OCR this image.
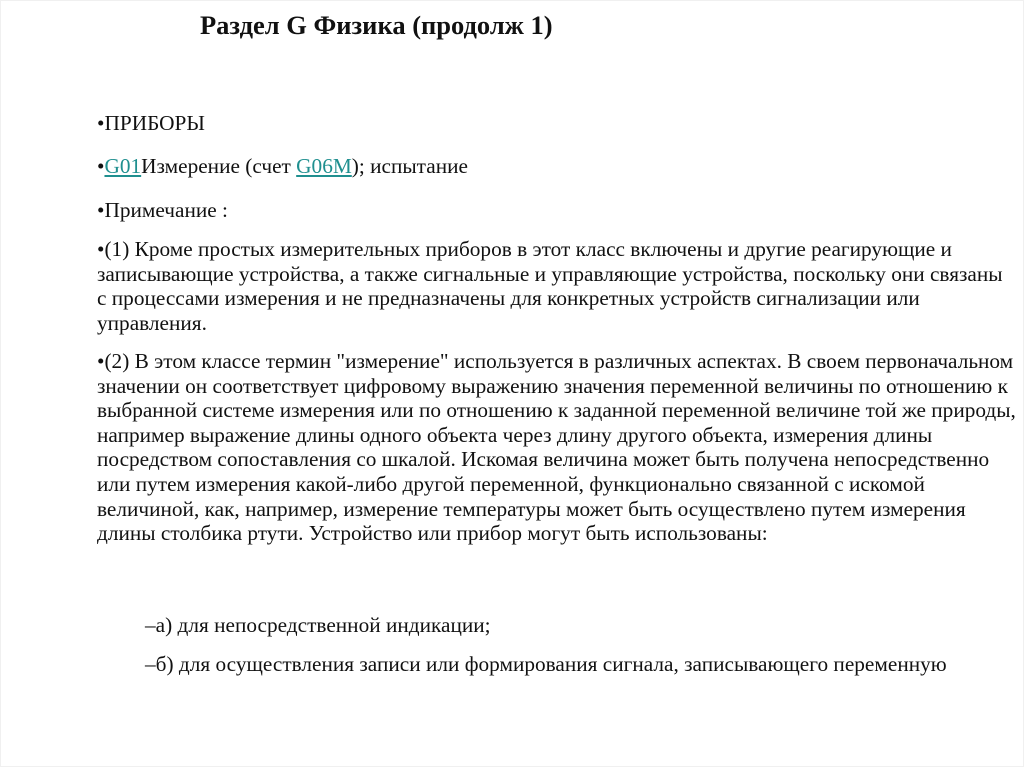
Раздел G Физика (продолж 1)

• ПРИБОРЫ

• G01Измерение (счет G06M); испытание

• Примечание :

• (1) Кроме простых измерительных приборов в этот класс включены и другие реагирующие и записывающие устройства, а также сигнальные и управляющие устройства, поскольку они связаны с процессами измерения и не предназначены для конкретных устройств сигнализации или управления.

• (2) В этом классе термин "измерение" используется в различных аспектах. В своем первоначальном значении он соответствует цифровому выражению значения переменной величины по отношению к выбранной системе измерения или по отношению к заданной переменной величине той же природы, например выражение длины одного объекта через длину другого объекта, измерения длины посредством сопоставления со шкалой. Искомая величина может быть получена непосредственно или путем измерения какой-либо другой переменной, функционально связанной с искомой величиной, как, например, измерение температуры может быть осуществлено путем измерения длины столбика ртути. Устройство или прибор могут быть использованы:

–а) для непосредственной индикации;

–б) для осуществления записи или формирования сигнала, записывающего переменную
